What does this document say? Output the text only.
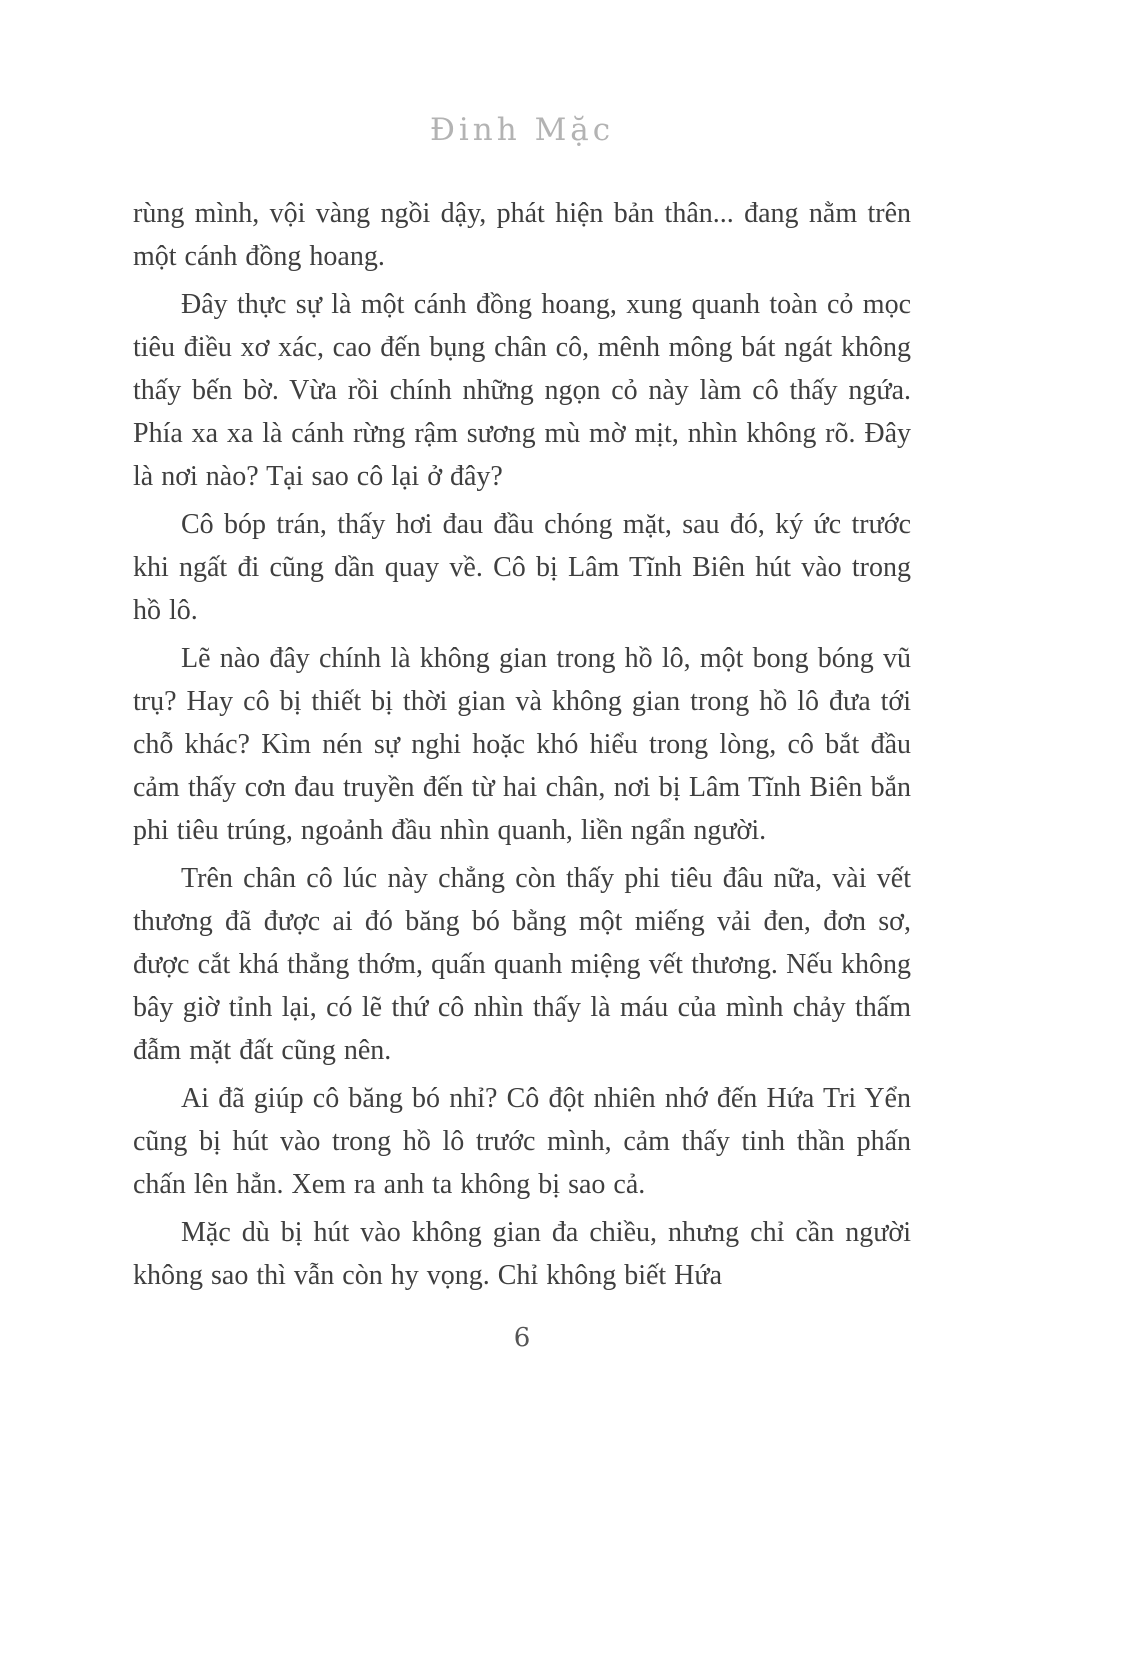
Đinh Mặc

rùng mình, vội vàng ngồi dậy, phát hiện bản thân... đang nằm trên một cánh đồng hoang.

Đây thực sự là một cánh đồng hoang, xung quanh toàn cỏ mọc tiêu điều xơ xác, cao đến bụng chân cô, mênh mông bát ngát không thấy bến bờ. Vừa rồi chính những ngọn cỏ này làm cô thấy ngứa. Phía xa xa là cánh rừng rậm sương mù mờ mịt, nhìn không rõ. Đây là nơi nào? Tại sao cô lại ở đây?

Cô bóp trán, thấy hơi đau đầu chóng mặt, sau đó, ký ức trước khi ngất đi cũng dần quay về. Cô bị Lâm Tĩnh Biên hút vào trong hồ lô.

Lẽ nào đây chính là không gian trong hồ lô, một bong bóng vũ trụ? Hay cô bị thiết bị thời gian và không gian trong hồ lô đưa tới chỗ khác? Kìm nén sự nghi hoặc khó hiểu trong lòng, cô bắt đầu cảm thấy cơn đau truyền đến từ hai chân, nơi bị Lâm Tĩnh Biên bắn phi tiêu trúng, ngoảnh đầu nhìn quanh, liền ngẩn người.

Trên chân cô lúc này chẳng còn thấy phi tiêu đâu nữa, vài vết thương đã được ai đó băng bó bằng một miếng vải đen, đơn sơ, được cắt khá thẳng thớm, quấn quanh miệng vết thương. Nếu không bây giờ tỉnh lại, có lẽ thứ cô nhìn thấy là máu của mình chảy thấm đẫm mặt đất cũng nên.

Ai đã giúp cô băng bó nhỉ? Cô đột nhiên nhớ đến Hứa Tri Yển cũng bị hút vào trong hồ lô trước mình, cảm thấy tinh thần phấn chấn lên hẳn. Xem ra anh ta không bị sao cả.

Mặc dù bị hút vào không gian đa chiều, nhưng chỉ cần người không sao thì vẫn còn hy vọng. Chỉ không biết Hứa

6
